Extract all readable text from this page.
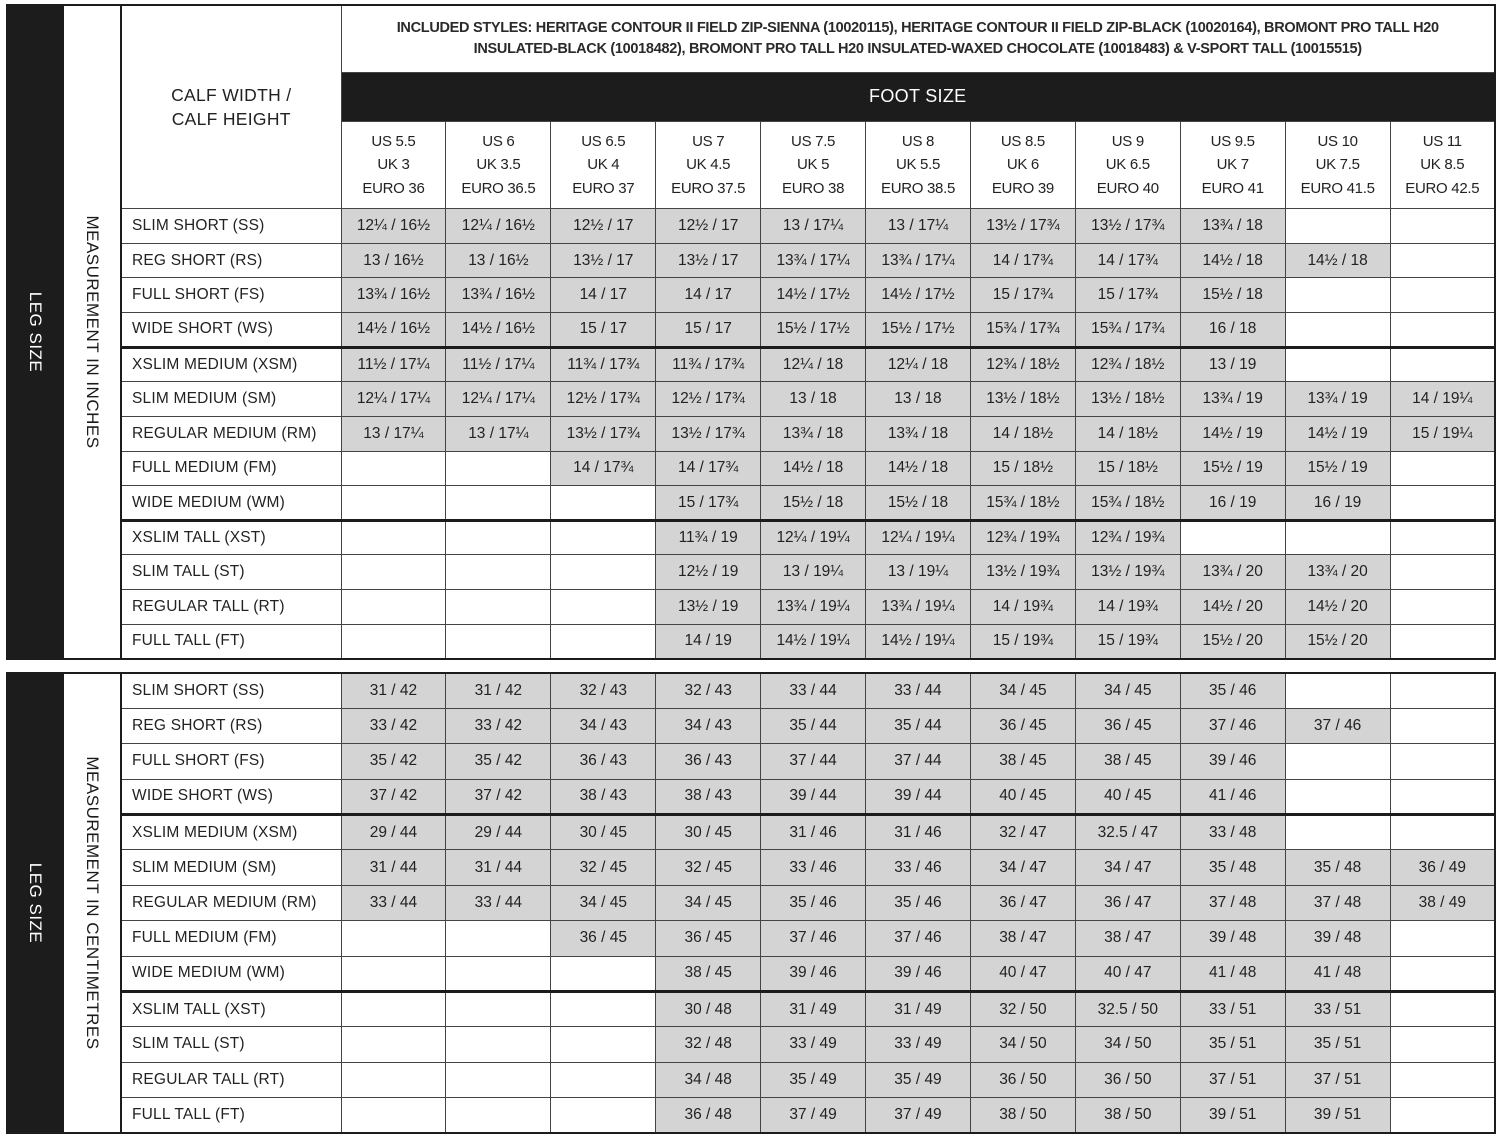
LEG SIZE MEASUREMENT IN INCHES
CALF WIDTH /
CALF HEIGHT	INCLUDED STYLES: HERITAGE CONTOUR II FIELD ZIP-SIENNA (10020115), HERITAGE CONTOUR II FIELD ZIP-BLACK (10020164), BROMONT PRO TALL H20 INSULATED-BLACK (10018482), BROMONT PRO TALL H20 INSULATED-WAXED CHOCOLATE (10018483) & V-SPORT TALL (10015515)										
	FOOT SIZE										

	US 5.5
UK 3
EURO 36	US 6
UK 3.5
EURO 36.5	US 6.5
UK 4
EURO 37	US 7
UK 4.5
EURO 37.5	US 7.5
UK 5
EURO 38	US 8
UK 5.5
EURO 38.5	US 8.5
UK 6
EURO 39	US 9
UK 6.5
EURO 40	US 9.5
UK 7
EURO 41	US 10
UK 7.5
EURO 41.5	US 11
UK 8.5
EURO 42.5

SLIM SHORT (SS)	12¼ / 16½	12¼ / 16½	12½ / 17	12½ / 17	13 / 17¼	13 / 17¼	13½ / 17¾	13½ / 17¾	13¾ / 18		
REG SHORT (RS)	13 / 16½	13 / 16½	13½ / 17	13½ / 17	13¾ / 17¼	13¾ / 17¼	14 / 17¾	14 / 17¾	14½ / 18	14½ / 18	
FULL SHORT (FS)	13¾ / 16½	13¾ / 16½	14 / 17	14 / 17	14½ / 17½	14½ / 17½	15 / 17¾	15 / 17¾	15½ / 18		
WIDE SHORT (WS)	14½ / 16½	14½ / 16½	15 / 17	15 / 17	15½ / 17½	15½ / 17½	15¾ / 17¾	15¾ / 17¾	16 / 18		
XSLIM MEDIUM (XSM)	11½ / 17¼	11½ / 17¼	11¾ / 17¾	11¾ / 17¾	12¼ / 18	12¼ / 18	12¾ / 18½	12¾ / 18½	13 / 19		
SLIM MEDIUM (SM)	12¼ / 17¼	12¼ / 17¼	12½ / 17¾	12½ / 17¾	13 / 18	13 / 18	13½ / 18½	13½ / 18½	13¾ / 19	13¾ / 19	14 / 19¼
REGULAR MEDIUM (RM)	13 / 17¼	13 / 17¼	13½ / 17¾	13½ / 17¾	13¾ / 18	13¾ / 18	14 / 18½	14 / 18½	14½ / 19	14½ / 19	15 / 19¼
FULL MEDIUM (FM)			14 / 17¾	14 / 17¾	14½ / 18	14½ / 18	15 / 18½	15 / 18½	15½ / 19	15½ / 19	
WIDE MEDIUM (WM)				15 / 17¾	15½ / 18	15½ / 18	15¾ / 18½	15¾ / 18½	16 / 19	16 / 19	
XSLIM TALL (XST)				11¾ / 19	12¼ / 19¼	12¼ / 19¼	12¾ / 19¾	12¾ / 19¾			
SLIM TALL (ST)				12½ / 19	13 / 19¼	13 / 19¼	13½ / 19¾	13½ / 19¾	13¾ / 20	13¾ / 20	
REGULAR TALL (RT)				13½ / 19	13¾ / 19¼	13¾ / 19¼	14 / 19¾	14 / 19¾	14½ / 20	14½ / 20	
FULL TALL (FT)				14 / 19	14½ / 19¼	14½ / 19¼	15 / 19¾	15 / 19¾	15½ / 20	15½ / 20	
LEG SIZE MEASUREMENT IN CENTIMETRES
SLIM SHORT (SS)	31 / 42	31 / 42	32 / 43	32 / 43	33 / 44	33 / 44	34 / 45	34 / 45	35 / 46		
REG SHORT (RS)	33 / 42	33 / 42	34 / 43	34 / 43	35 / 44	35 / 44	36 / 45	36 / 45	37 / 46	37 / 46	
FULL SHORT (FS)	35 / 42	35 / 42	36 / 43	36 / 43	37 / 44	37 / 44	38 / 45	38 / 45	39 / 46		
WIDE SHORT (WS)	37 / 42	37 / 42	38 / 43	38 / 43	39 / 44	39 / 44	40 / 45	40 / 45	41 / 46		
XSLIM MEDIUM (XSM)	29 / 44	29 / 44	30 / 45	30 / 45	31 / 46	31 / 46	32 / 47	32.5 / 47	33 / 48		
SLIM MEDIUM (SM)	31 / 44	31 / 44	32 / 45	32 / 45	33 / 46	33 / 46	34 / 47	34 / 47	35 / 48	35 / 48	36 / 49
REGULAR MEDIUM (RM)	33 / 44	33 / 44	34 / 45	34 / 45	35 / 46	35 / 46	36 / 47	36 / 47	37 / 48	37 / 48	38 / 49
FULL MEDIUM (FM)			36 / 45	36 / 45	37 / 46	37 / 46	38 / 47	38 / 47	39 / 48	39 / 48	
WIDE MEDIUM (WM)				38 / 45	39 / 46	39 / 46	40 / 47	40 / 47	41 / 48	41 / 48	
XSLIM TALL (XST)				30 / 48	31 / 49	31 / 49	32 / 50	32.5 / 50	33 / 51	33 / 51	
SLIM TALL (ST)				32 / 48	33 / 49	33 / 49	34 / 50	34 / 50	35 / 51	35 / 51	
REGULAR TALL (RT)				34 / 48	35 / 49	35 / 49	36 / 50	36 / 50	37 / 51	37 / 51	
FULL TALL (FT)				36 / 48	37 / 49	37 / 49	38 / 50	38 / 50	39 / 51	39 / 51	
